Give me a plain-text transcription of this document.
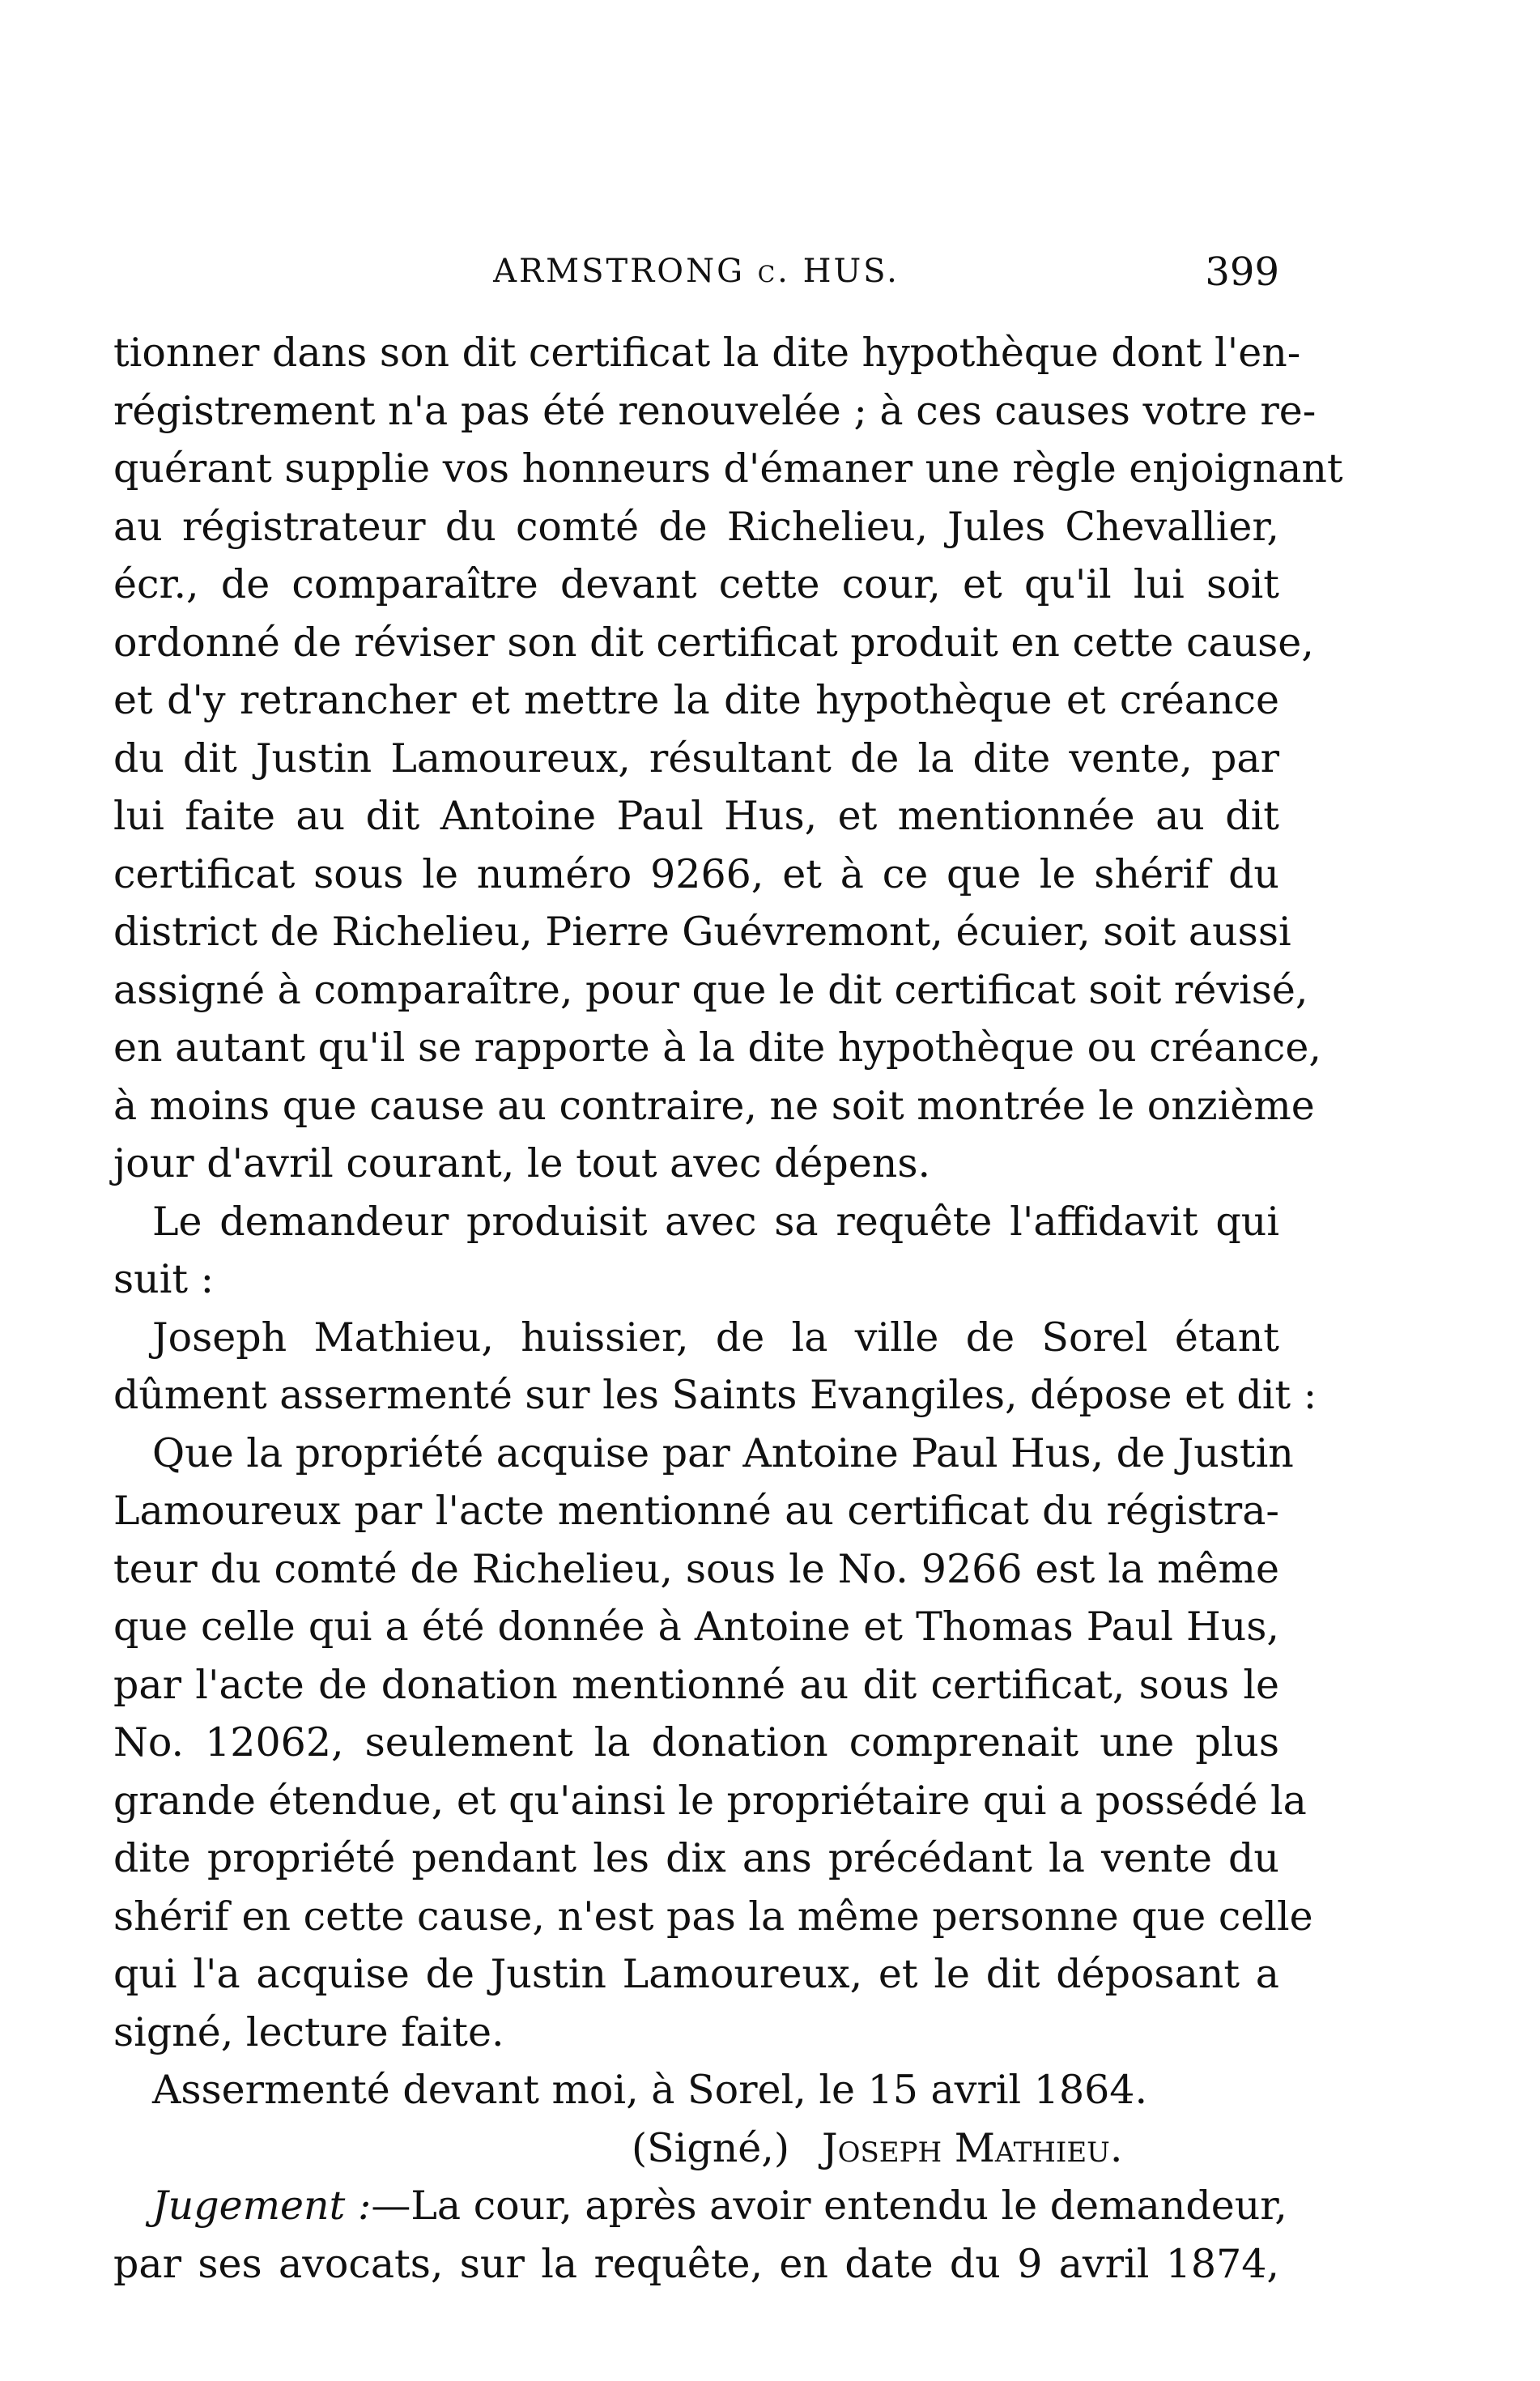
ARMSTRONG c. HUS.	399
tionner dans son dit certificat la dite hypothèque dont l'en-
régistrement n'a pas été renouvelée ; à ces causes votre re-
quérant supplie vos honneurs d'émaner une règle enjoignant
au régistrateur du comté de Richelieu, Jules Chevallier,
écr., de comparaître devant cette cour, et qu'il lui soit
ordonné de réviser son dit certificat produit en cette cause,
et d'y retrancher et mettre la dite hypothèque et créance
du dit Justin Lamoureux, résultant de la dite vente, par
lui faite au dit Antoine Paul Hus, et mentionnée au dit
certificat sous le numéro 9266, et à ce que le shérif du
district de Richelieu, Pierre Guévremont, écuier, soit aussi
assigné à comparaître, pour que le dit certificat soit révisé,
en autant qu'il se rapporte à la dite hypothèque ou créance,
à moins que cause au contraire, ne soit montrée le onzième
jour d'avril courant, le tout avec dépens.
Le demandeur produisit avec sa requête l'affidavit qui
suit :
Joseph Mathieu, huissier, de la ville de Sorel étant
dûment assermenté sur les Saints Evangiles, dépose et dit :
Que la propriété acquise par Antoine Paul Hus, de Justin
Lamoureux par l'acte mentionné au certificat du régistra-
teur du comté de Richelieu, sous le No. 9266 est la même
que celle qui a été donnée à Antoine et Thomas Paul Hus,
par l'acte de donation mentionné au dit certificat, sous le
No. 12062, seulement la donation comprenait une plus
grande étendue, et qu'ainsi le propriétaire qui a possédé la
dite propriété pendant les dix ans précédant la vente du
shérif en cette cause, n'est pas la même personne que celle
qui l'a acquise de Justin Lamoureux, et le dit déposant a
signé, lecture faite.
Assermenté devant moi, à Sorel, le 15 avril 1864.
(Signé,) Joseph Mathieu.
Jugement :—La cour, après avoir entendu le demandeur,
par ses avocats, sur la requête, en date du 9 avril 1874,
